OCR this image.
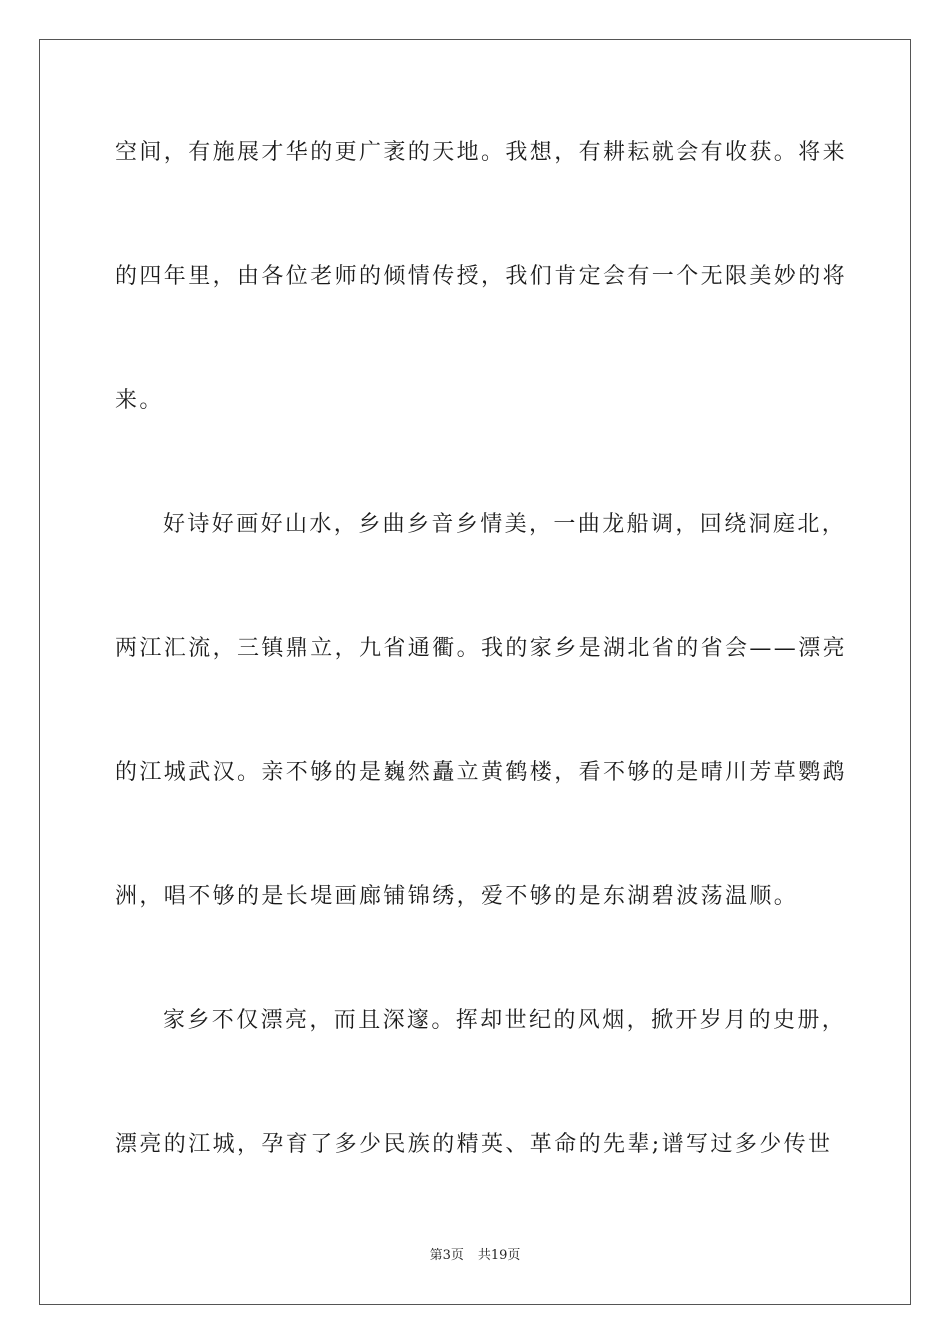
空间，有施展才华的更广袤的天地。我想，有耕耘就会有收获。将来
的四年里，由各位老师的倾情传授，我们肯定会有一个无限美妙的将
来。
好诗好画好山水，乡曲乡音乡情美，一曲龙船调，回绕洞庭北，
两江汇流，三镇鼎立，九省通衢。我的家乡是湖北省的省会——漂亮
的江城武汉。亲不够的是巍然矗立黄鹤楼，看不够的是晴川芳草鹦鹉
洲，唱不够的是长堤画廊铺锦绣，爱不够的是东湖碧波荡温顺。
家乡不仅漂亮，而且深邃。挥却世纪的风烟，掀开岁月的史册，
漂亮的江城，孕育了多少民族的精英、革命的先辈;谱写过多少传世
第3页 共19页
